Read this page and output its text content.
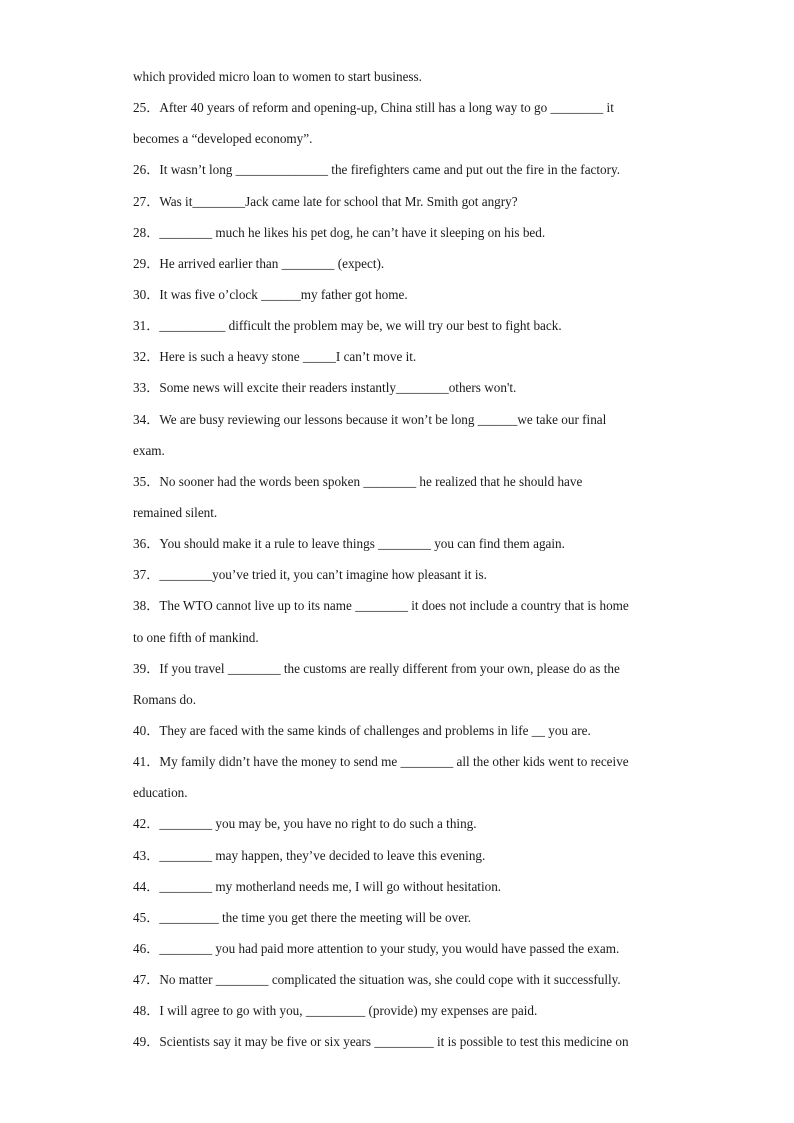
which provided micro loan to women to start business.
25．After 40 years of reform and opening-up, China still has a long way to go ________ it
becomes a “developed economy”.
26．It wasn’t long ______________ the firefighters came and put out the fire in the factory.
27．Was it________Jack came late for school that Mr. Smith got angry?
28．________ much he likes his pet dog, he can’t have it sleeping on his bed.
29．He arrived earlier than ________ (expect).
30．It was five o’clock ______my father got home.
31．__________ difficult the problem may be, we will try our best to fight back.
32．Here is such a heavy stone _____I can’t move it.
33．Some news will excite their readers instantly________others won't.
34．We are busy reviewing our lessons because it won’t be long ______we take our final
exam.
35．No sooner had the words been spoken ________ he realized that he should have
remained silent.
36．You should make it a rule to leave things ________ you can find them again.
37．________you’ve tried it, you can’t imagine how pleasant it is.
38．The WTO cannot live up to its name ________ it does not include a country that is home
to one fifth of mankind.
39．If you travel ________ the customs are really different from your own, please do as the
Romans do.
40．They are faced with the same kinds of challenges and problems in life __ you are.
41．My family didn’t have the money to send me ________ all the other kids went to receive
education.
42．________ you may be, you have no right to do such a thing.
43．________ may happen, they’ve decided to leave this evening.
44．________ my motherland needs me, I will go without hesitation.
45．_________ the time you get there the meeting will be over.
46．________ you had paid more attention to your study, you would have passed the exam.
47．No matter ________ complicated the situation was, she could cope with it successfully.
48．I will agree to go with you, _________ (provide) my expenses are paid.
49．Scientists say it may be five or six years _________ it is possible to test this medicine on
